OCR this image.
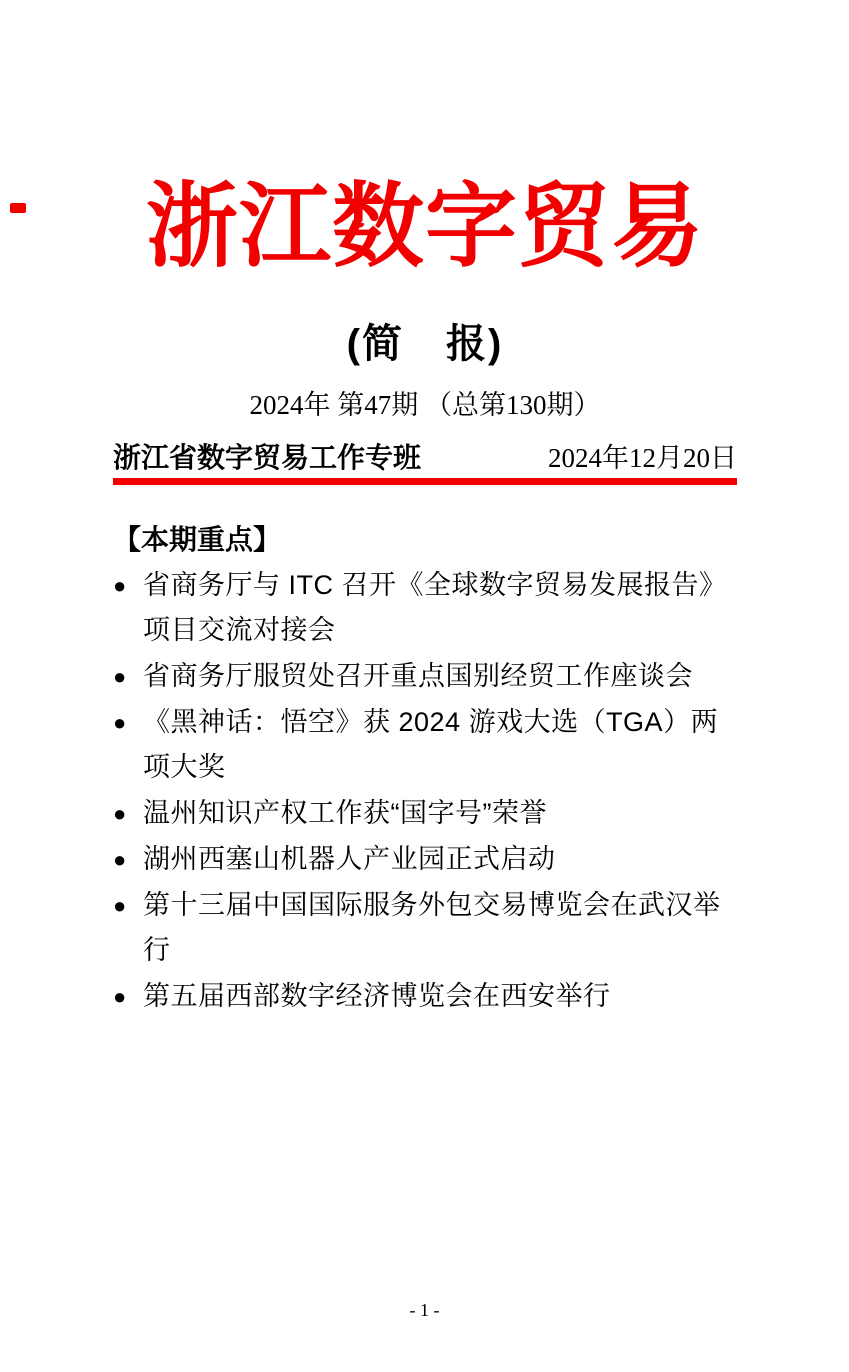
浙江数字贸易
(简　报)
2024年 第47期 （总第130期）
浙江省数字贸易工作专班	2024年12月20日
【本期重点】
● 省商务厅与 ITC 召开《全球数字贸易发展报告》项目交流对接会
● 省商务厅服贸处召开重点国别经贸工作座谈会
● 《黑神话：悟空》获 2024 游戏大选（TGA）两项大奖
● 温州知识产权工作获“国字号”荣誉
● 湖州西塞山机器人产业园正式启动
● 第十三届中国国际服务外包交易博览会在武汉举行
● 第五届西部数字经济博览会在西安举行
- 1 -
